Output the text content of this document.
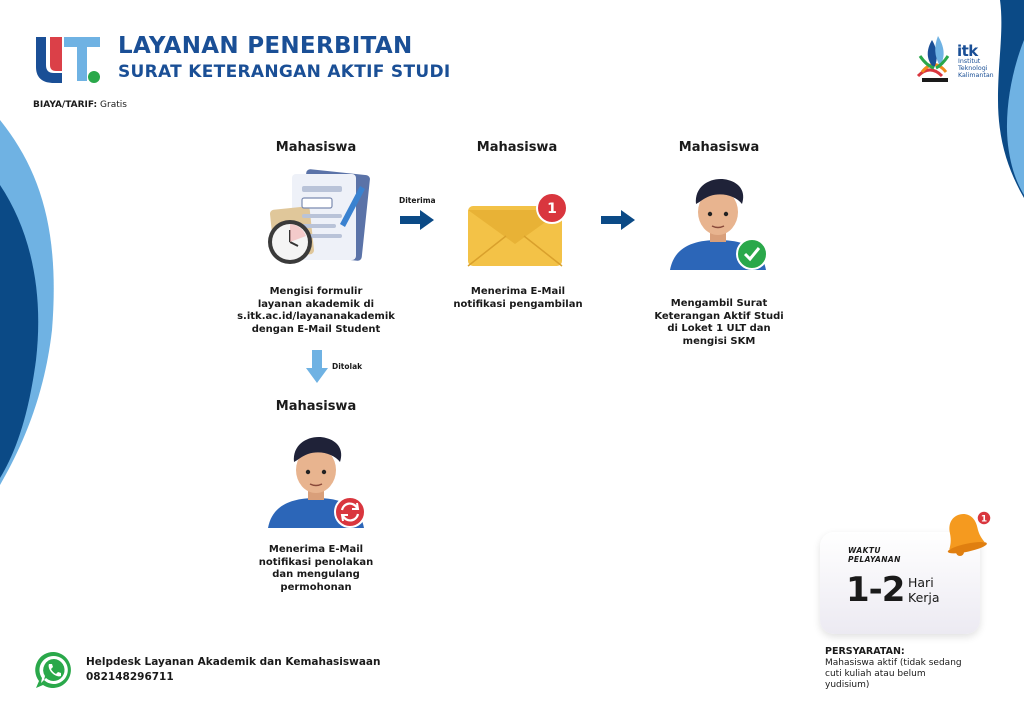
LAYANAN PENERBITAN
SURAT KETERANGAN AKTIF STUDI
BIAYA/TARIF: Gratis
itk
Institut
Teknologi
Kalimantan
Mahasiswa
Mengisi formulir
layanan akademik di
s.itk.ac.id/layananakademik
dengan E-Mail Student
Diterima
Mahasiswa
1
Menerima E-Mail
notifikasi pengambilan
Mahasiswa
Mengambil Surat
Keterangan Aktif Studi
di Loket 1 ULT dan
mengisi SKM
Ditolak
Mahasiswa
Menerima E-Mail
notifikasi penolakan
dan mengulang
permohonan
WAKTU
PELAYANAN
1-2 Hari
Kerja
1
PERSYARATAN:
Mahasiswa aktif (tidak sedang
cuti kuliah atau belum
yudisium)
Helpdesk Layanan Akademik dan Kemahasiswaan
082148296711
